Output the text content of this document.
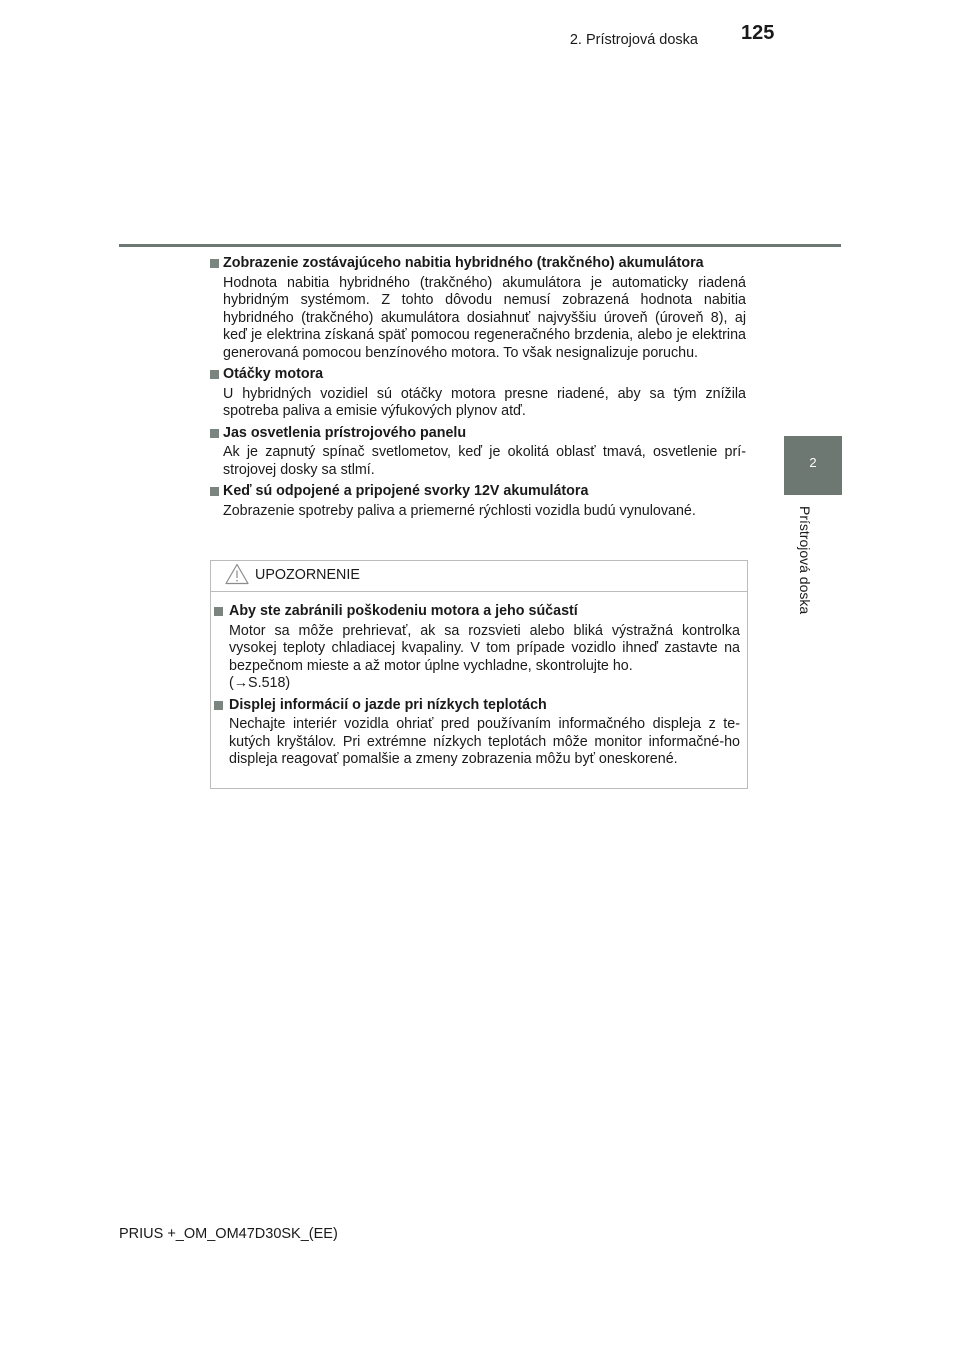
2. Prístrojová doska 125
2
Prístrojová doska
Zobrazenie zostávajúceho nabitia hybridného (trakčného) akumulátora
Hodnota nabitia hybridného (trakčného) akumulátora je automaticky riadená hybridným systémom. Z tohto dôvodu nemusí zobrazená hodnota nabitia hybridného (trakčného) akumulátora dosiahnuť najvyššiu úroveň (úroveň 8), aj keď je elektrina získaná späť pomocou regeneračného brzdenia, alebo je elektrina generovaná pomocou benzínového motora. To však nesignalizuje poruchu.
Otáčky motora
U hybridných vozidiel sú otáčky motora presne riadené, aby sa tým znížila spotreba paliva a emisie výfukových plynov atď.
Jas osvetlenia prístrojového panelu
Ak je zapnutý spínač svetlometov, keď je okolitá oblasť tmavá, osvetlenie prí-strojovej dosky sa stlmí.
Keď sú odpojené a pripojené svorky 12V akumulátora
Zobrazenie spotreby paliva a priemerné rýchlosti vozidla budú vynulované.
UPOZORNENIE
Aby ste zabránili poškodeniu motora a jeho súčastí
Motor sa môže prehrievať, ak sa rozsvieti alebo bliká výstražná kontrolka vysokej teploty chladiacej kvapaliny. V tom prípade vozidlo ihneď zastavte na bezpečnom mieste a až motor úplne vychladne, skontrolujte ho.
(→S.518)
Displej informácií o jazde pri nízkych teplotách
Nechajte interiér vozidla ohriať pred používaním informačného displeja z te-kutých kryštálov. Pri extrémne nízkych teplotách môže monitor informačné-ho displeja reagovať pomalšie a zmeny zobrazenia môžu byť oneskorené.
PRIUS +_OM_OM47D30SK_(EE)
